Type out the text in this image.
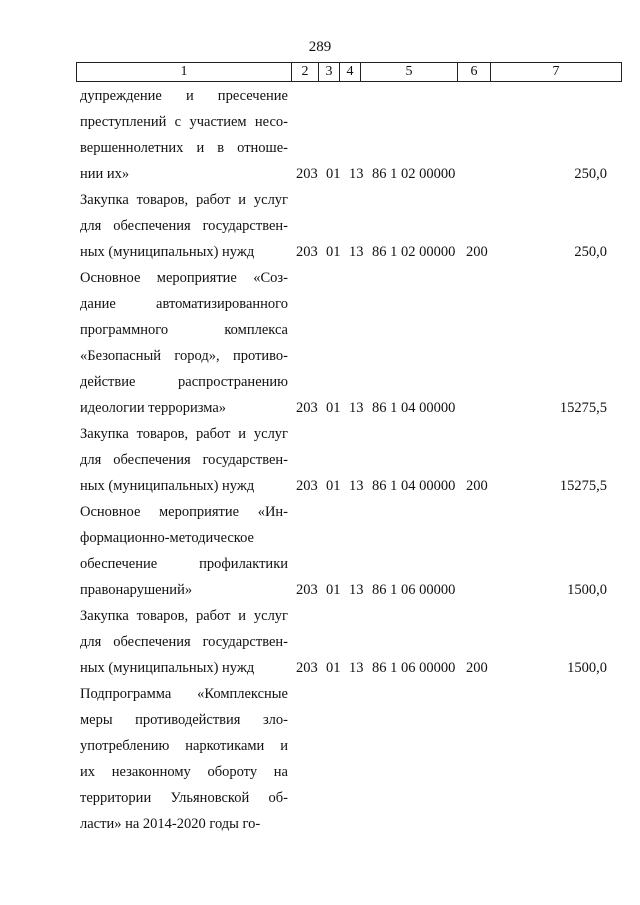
289
1	2	3	4	5	6	7
дупреждение и пресечение
преступлений с участием несо-
вершеннолетних и в отноше-
нии их»	203 01 13 86 1 02 00000	250,0
Закупка товаров, работ и услуг
для обеспечения государствен-
ных (муниципальных) нужд	203 01 13 86 1 02 00000 200	250,0
Основное мероприятие «Соз-
дание автоматизированного
программного комплекса
«Безопасный город», противо-
действие распространению
идеологии терроризма»	203 01 13 86 1 04 00000	15275,5
Закупка товаров, работ и услуг
для обеспечения государствен-
ных (муниципальных) нужд	203 01 13 86 1 04 00000 200	15275,5
Основное мероприятие «Ин-
формационно-методическое
обеспечение профилактики
правонарушений»	203 01 13 86 1 06 00000	1500,0
Закупка товаров, работ и услуг
для обеспечения государствен-
ных (муниципальных) нужд	203 01 13 86 1 06 00000 200	1500,0
Подпрограмма «Комплексные
меры противодействия зло-
употреблению наркотиками и
их незаконному обороту на
территории Ульяновской об-
ласти» на 2014-2020 годы го-
